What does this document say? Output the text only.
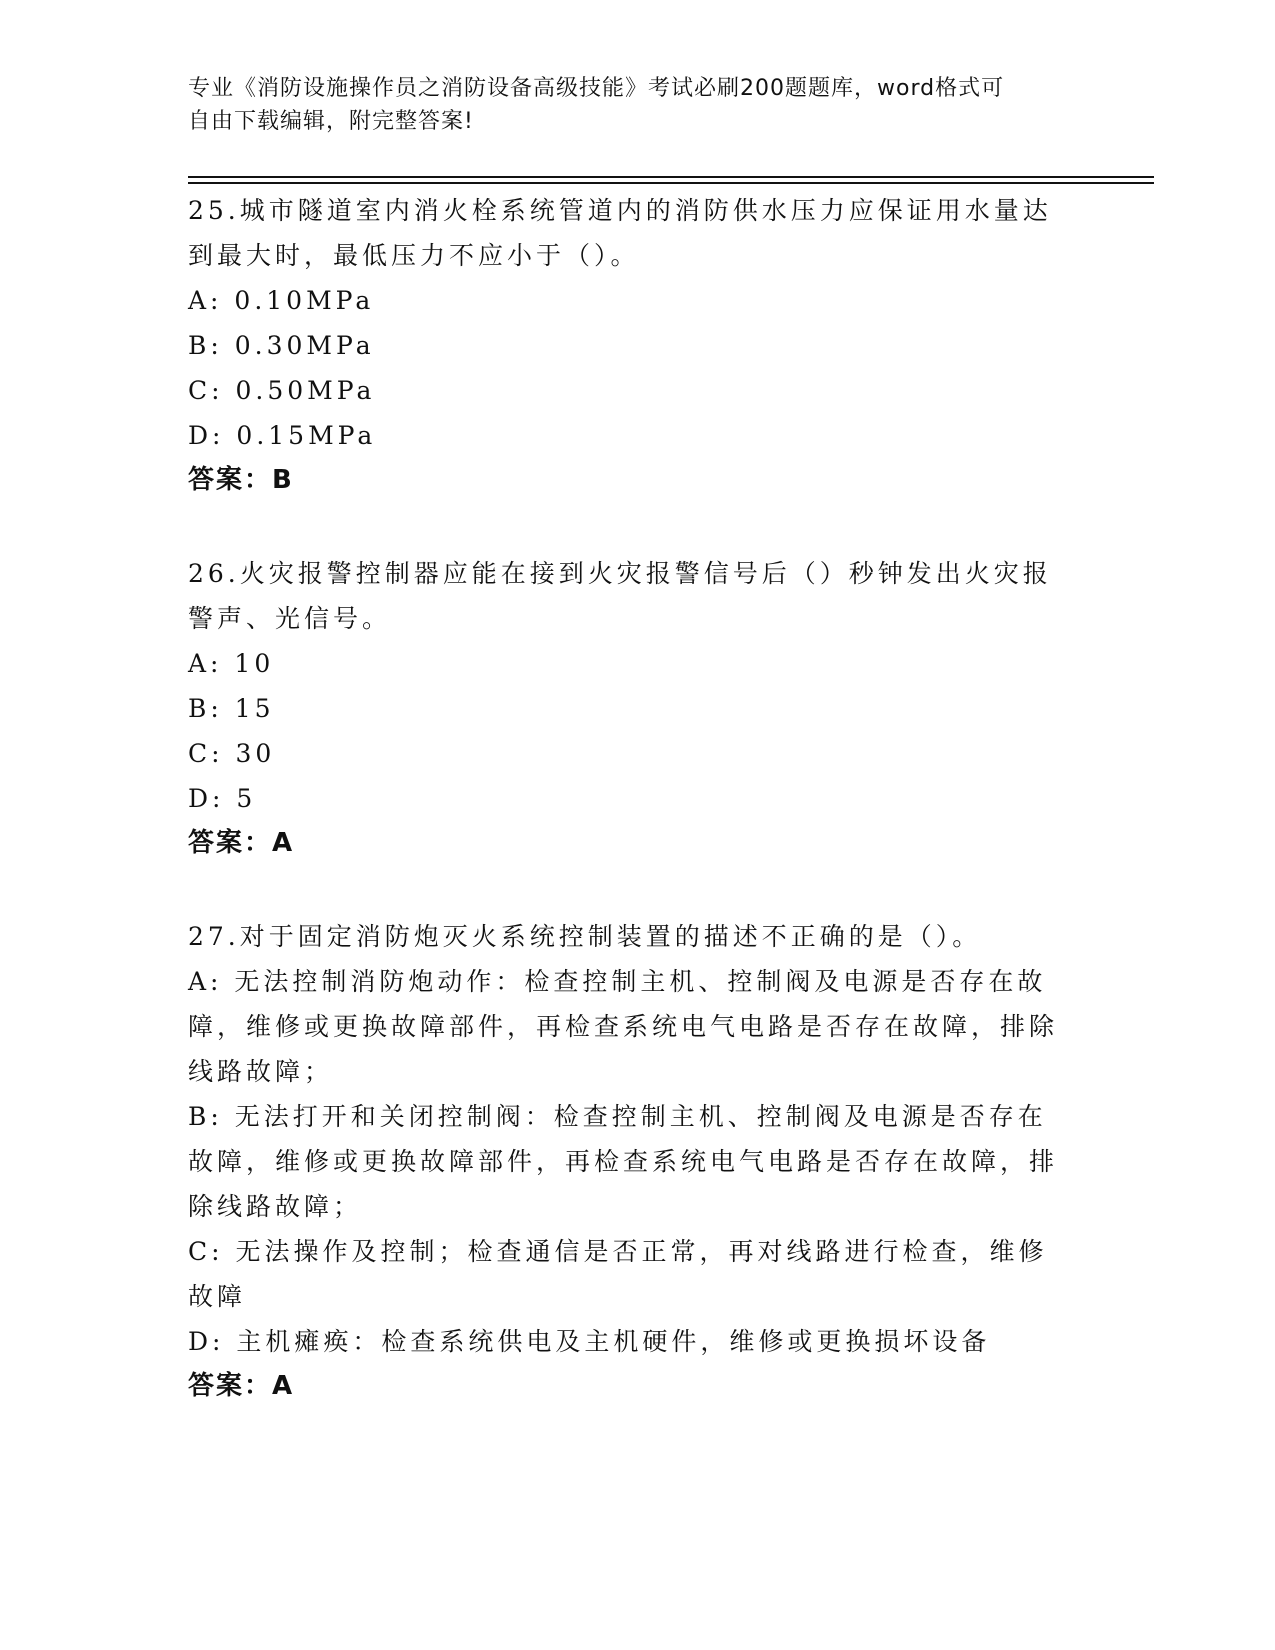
专业《消防设施操作员之消防设备高级技能》考试必刷200题题库，word格式可
自由下载编辑，附完整答案!
25.城市隧道室内消火栓系统管道内的消防供水压力应保证用水量达到最大时，最低压力不应小于（）。
A: 0.10MPa
B: 0.30MPa
C: 0.50MPa
D: 0.15MPa
答案：B
26.火灾报警控制器应能在接到火灾报警信号后（）秒钟发出火灾报警声、光信号。
A: 10
B: 15
C: 30
D: 5
答案：A
27.对于固定消防炮灭火系统控制装置的描述不正确的是（）。
A: 无法控制消防炮动作：检查控制主机、控制阀及电源是否存在故障，维修或更换故障部件，再检查系统电气电路是否存在故障，排除线路故障；
B: 无法打开和关闭控制阀：检查控制主机、控制阀及电源是否存在故障，维修或更换故障部件，再检查系统电气电路是否存在故障，排除线路故障；
C: 无法操作及控制；检查通信是否正常，再对线路进行检查，维修故障
D: 主机瘫痪：检查系统供电及主机硬件，维修或更换损坏设备
答案：A
